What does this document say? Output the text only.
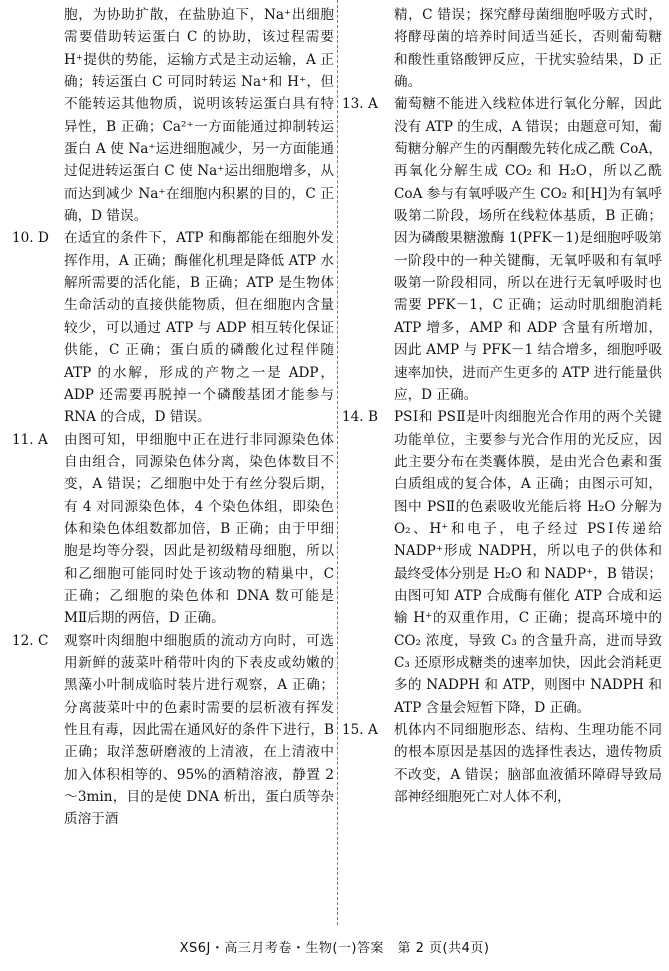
胞，为协助扩散，在盐胁迫下，Na⁺出细胞需要借助转运蛋白 C 的协助，该过程需要 H⁺提供的势能，运输方式是主动运输，A 正确；转运蛋白 C 可同时转运 Na⁺和 H⁺，但不能转运其他物质，说明该转运蛋白具有特异性，B 正确；Ca²⁺一方面能通过抑制转运蛋白 A 使 Na⁺运进细胞减少，另一方面能通过促进转运蛋白 C 使 Na⁺运出细胞增多，从而达到减少 Na⁺在细胞内积累的目的，C 正确，D 错误。
10. D	在适宜的条件下，ATP 和酶都能在细胞外发挥作用，A 正确；酶催化机理是降低 ATP 水解所需要的活化能，B 正确；ATP 是生物体生命活动的直接供能物质，但在细胞内含量较少，可以通过 ATP 与 ADP 相互转化保证供能，C 正确；蛋白质的磷酸化过程伴随 ATP 的水解，形成的产物之一是 ADP，ADP 还需要再脱掉一个磷酸基团才能参与 RNA 的合成，D 错误。
11. A	由图可知，甲细胞中正在进行非同源染色体自由组合，同源染色体分离，染色体数目不变，A 错误；乙细胞中处于有丝分裂后期，有 4 对同源染色体，4 个染色体组，即染色体和染色体组数都加倍，B 正确；由于甲细胞是均等分裂，因此是初级精母细胞，所以和乙细胞可能同时处于该动物的精巢中，C 正确；乙细胞的染色体和 DNA 数可能是 MⅡ后期的两倍，D 正确。
12. C	观察叶肉细胞中细胞质的流动方向时，可选用新鲜的菠菜叶稍带叶肉的下表皮或幼嫩的黑藻小叶制成临时装片进行观察，A 正确；分离菠菜叶中的色素时需要的层析液有挥发性且有毒，因此需在通风好的条件下进行，B 正确；取洋葱研磨液的上清液，在上清液中加入体积相等的、95%的酒精溶液，静置 2～3min，目的是使 DNA 析出，蛋白质等杂质溶于酒
精，C 错误；探究酵母菌细胞呼吸方式时，将酵母菌的培养时间适当延长，否则葡萄糖和酸性重铬酸钾反应，干扰实验结果，D 正确。
13. A	葡萄糖不能进入线粒体进行氧化分解，因此没有 ATP 的生成，A 错误；由题意可知，葡萄糖分解产生的丙酮酸先转化成乙酰 CoA，再氧化分解生成 CO₂ 和 H₂O，所以乙酰 CoA 参与有氧呼吸产生 CO₂ 和[H]为有氧呼吸第二阶段，场所在线粒体基质，B 正确；因为磷酸果糖激酶 1(PFK－1)是细胞呼吸第一阶段中的一种关键酶，无氧呼吸和有氧呼吸第一阶段相同，所以在进行无氧呼吸时也需要 PFK－1，C 正确；运动时肌细胞消耗 ATP 增多，AMP 和 ADP 含量有所增加，因此 AMP 与 PFK－1 结合增多，细胞呼吸速率加快，进而产生更多的 ATP 进行能量供应，D 正确。
14. B	PSⅠ和 PSⅡ是叶肉细胞光合作用的两个关键功能单位，主要参与光合作用的光反应，因此主要分布在类囊体膜，是由光合色素和蛋白质组成的复合体，A 正确；由图示可知，图中 PSⅡ的色素吸收光能后将 H₂O 分解为 O₂、H⁺和电子，电子经过 PSⅠ传递给 NADP⁺形成 NADPH，所以电子的供体和最终受体分别是 H₂O 和 NADP⁺，B 错误；由图可知 ATP 合成酶有催化 ATP 合成和运输 H⁺的双重作用，C 正确；提高环境中的 CO₂ 浓度，导致 C₃ 的含量升高，进而导致 C₃ 还原形成糖类的速率加快，因此会消耗更多的 NADPH 和 ATP，则图中 NADPH 和 ATP 含量会短暂下降，D 正确。
15. A	机体内不同细胞形态、结构、生理功能不同的根本原因是基因的选择性表达，遗传物质不改变，A 错误；脑部血液循环障碍导致局部神经细胞死亡对人体不利，
XS6J・高三月考卷・生物(一)答案　第 2 页(共4页)
